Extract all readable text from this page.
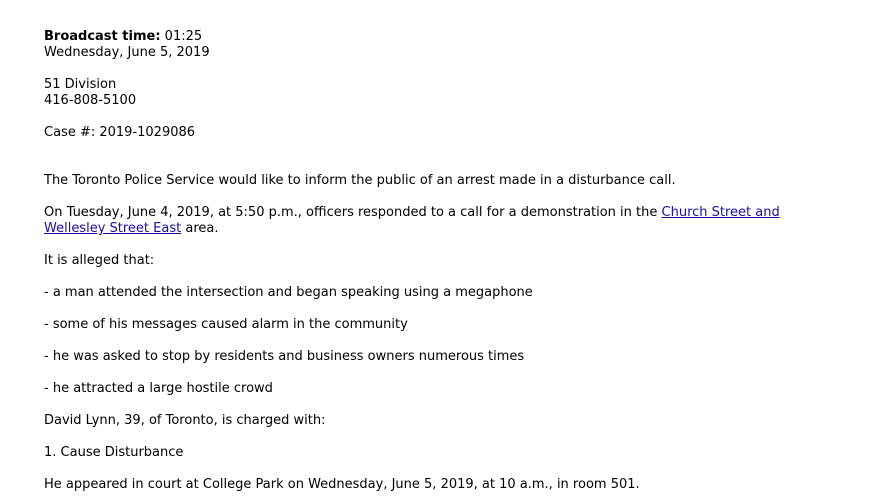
Broadcast time: 01:25
Wednesday, June 5, 2019
51 Division
416-808-5100
Case #: 2019-1029086
The Toronto Police Service would like to inform the public of an arrest made in a disturbance call.
On Tuesday, June 4, 2019, at 5:50 p.m., officers responded to a call for a demonstration in the Church Street and
Wellesley Street East area.
It is alleged that:
- a man attended the intersection and began speaking using a megaphone
- some of his messages caused alarm in the community
- he was asked to stop by residents and business owners numerous times
- he attracted a large hostile crowd
David Lynn, 39, of Toronto, is charged with:
1. Cause Disturbance
He appeared in court at College Park on Wednesday, June 5, 2019, at 10 a.m., in room 501.
